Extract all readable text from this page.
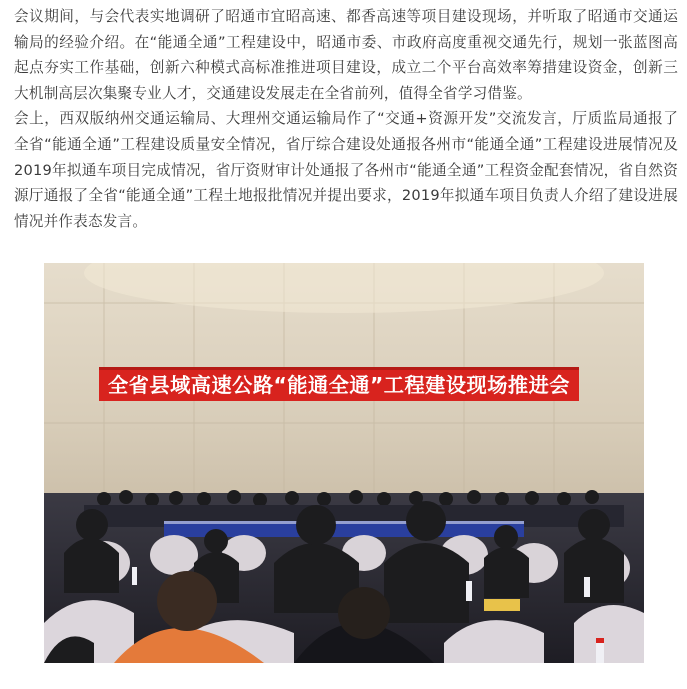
会议期间，与会代表实地调研了昭通市宜昭高速、都香高速等项目建设现场，并听取了昭通市交通运输局的经验介绍。在“能通全通”工程建设中，昭通市委、市政府高度重视交通先行，规划一张蓝图高起点夯实工作基础，创新六种模式高标准推进项目建设，成立二个平台高效率筹措建设资金，创新三大机制高层次集聚专业人才，交通建设发展走在全省前列，值得全省学习借鉴。

会上，西双版纳州交通运输局、大理州交通运输局作了“交通+资源开发”交流发言，厅质监局通报了全省“能通全通”工程建设质量安全情况，省厅综合建设处通报各州市“能通全通”工程建设进展情况及2019年拟通车项目完成情况，省厅资财审计处通报了各州市“能通全通”工程资金配套情况，省自然资源厅通报了全省“能通全通”工程土地报批情况并提出要求，2019年拟通车项目负责人介绍了建设进展情况并作表态发言。

全省县域高速公路“能通全通”工程建设现场推进会
